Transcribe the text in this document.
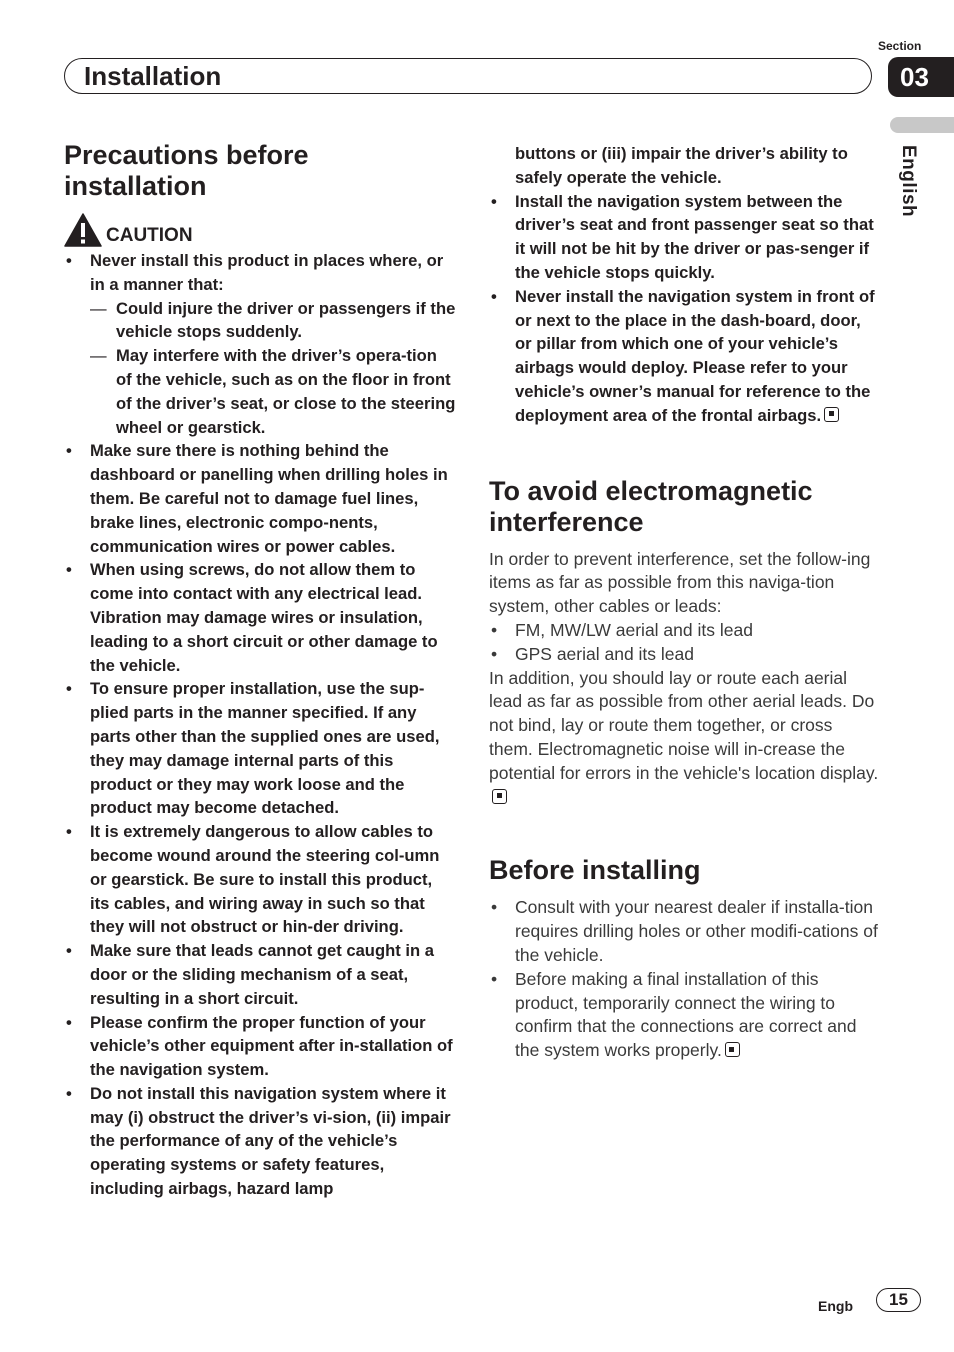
Section
Installation	03
English
Precautions before
installation
CAUTION
• Never install this product in places where, or in a manner that:
— Could injure the driver or passengers if the vehicle stops suddenly.
— May interfere with the driver’s opera-tion of the vehicle, such as on the floor in front of the driver’s seat, or close to the steering wheel or gearstick.
• Make sure there is nothing behind the dashboard or panelling when drilling holes in them. Be careful not to damage fuel lines, brake lines, electronic compo-nents, communication wires or power cables.
• When using screws, do not allow them to come into contact with any electrical lead. Vibration may damage wires or insulation, leading to a short circuit or other damage to the vehicle.
• To ensure proper installation, use the sup-plied parts in the manner specified. If any parts other than the supplied ones are used, they may damage internal parts of this product or they may work loose and the product may become detached.
• It is extremely dangerous to allow cables to become wound around the steering col-umn or gearstick. Be sure to install this product, its cables, and wiring away in such so that they will not obstruct or hin-der driving.
• Make sure that leads cannot get caught in a door or the sliding mechanism of a seat, resulting in a short circuit.
• Please confirm the proper function of your vehicle’s other equipment after in-stallation of the navigation system.
• Do not install this navigation system where it may (i) obstruct the driver’s vi-sion, (ii) impair the performance of any of the vehicle’s operating systems or safety features, including airbags, hazard lamp
buttons or (iii) impair the driver’s ability to safely operate the vehicle.
• Install the navigation system between the driver’s seat and front passenger seat so that it will not be hit by the driver or pas-senger if the vehicle stops quickly.
• Never install the navigation system in front of or next to the place in the dash-board, door, or pillar from which one of your vehicle’s airbags would deploy. Please refer to your vehicle’s owner’s manual for reference to the deployment area of the frontal airbags.
To avoid electromagnetic
interference
In order to prevent interference, set the follow-ing items as far as possible from this naviga-tion system, other cables or leads:
• FM, MW/LW aerial and its lead
• GPS aerial and its lead
In addition, you should lay or route each aerial lead as far as possible from other aerial leads. Do not bind, lay or route them together, or cross them. Electromagnetic noise will in-crease the potential for errors in the vehicle's location display.
Before installing
• Consult with your nearest dealer if installa-tion requires drilling holes or other modifi-cations of the vehicle.
• Before making a final installation of this product, temporarily connect the wiring to confirm that the connections are correct and the system works properly.
Engb	15
